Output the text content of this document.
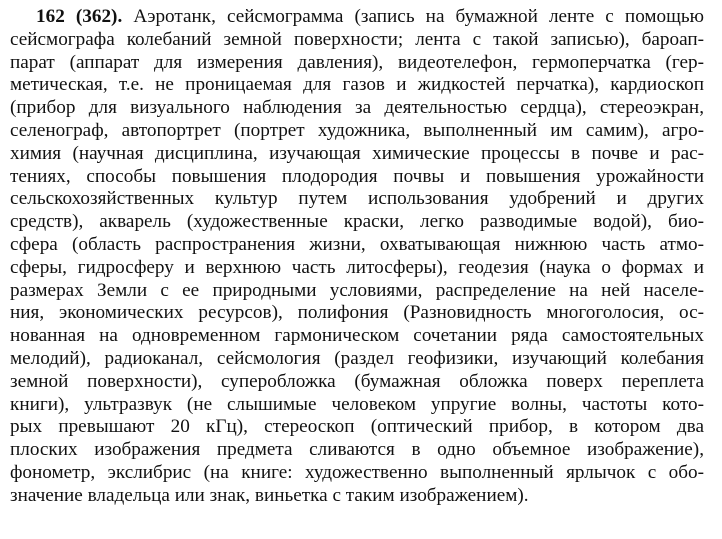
162 (362). Аэротанк, сейсмограмма (запись на бумажной ленте с помощью
сейсмографа колебаний земной поверхности; лента с такой записью), бароап-
парат (аппарат для измерения давления), видеотелефон, гермоперчатка (гер-
метическая, т.е. не проницаемая для газов и жидкостей перчатка), кардиоскоп
(прибор для визуального наблюдения за деятельностью сердца), стереоэкран,
селенограф, автопортрет (портрет художника, выполненный им самим), агро-
химия (научная дисциплина, изучающая химические процессы в почве и рас-
тениях, способы повышения плодородия почвы и повышения урожайности
сельскохозяйственных культур путем использования удобрений и других
средств), акварель (художественные краски, легко разводимые водой), био-
сфера (область распространения жизни, охватывающая нижнюю часть атмо-
сферы, гидросферу и верхнюю часть литосферы), геодезия (наука о формах и
размерах Земли с ее природными условиями, распределение на ней населе-
ния, экономических ресурсов), полифония (Разновидность многоголосия, ос-
нованная на одновременном гармоническом сочетании ряда самостоятельных
мелодий), радиоканал, сейсмология (раздел геофизики, изучающий колебания
земной поверхности), суперобложка (бумажная обложка поверх переплета
книги), ультразвук (не слышимые человеком упругие волны, частоты кото-
рых превышают 20 кГц), стереоскоп (оптический прибор, в котором два
плоских изображения предмета сливаются в одно объемное изображение),
фонометр, экслибрис (на книге: художественно выполненный ярлычок с обо-
значение владельца или знак, виньетка с таким изображением).
